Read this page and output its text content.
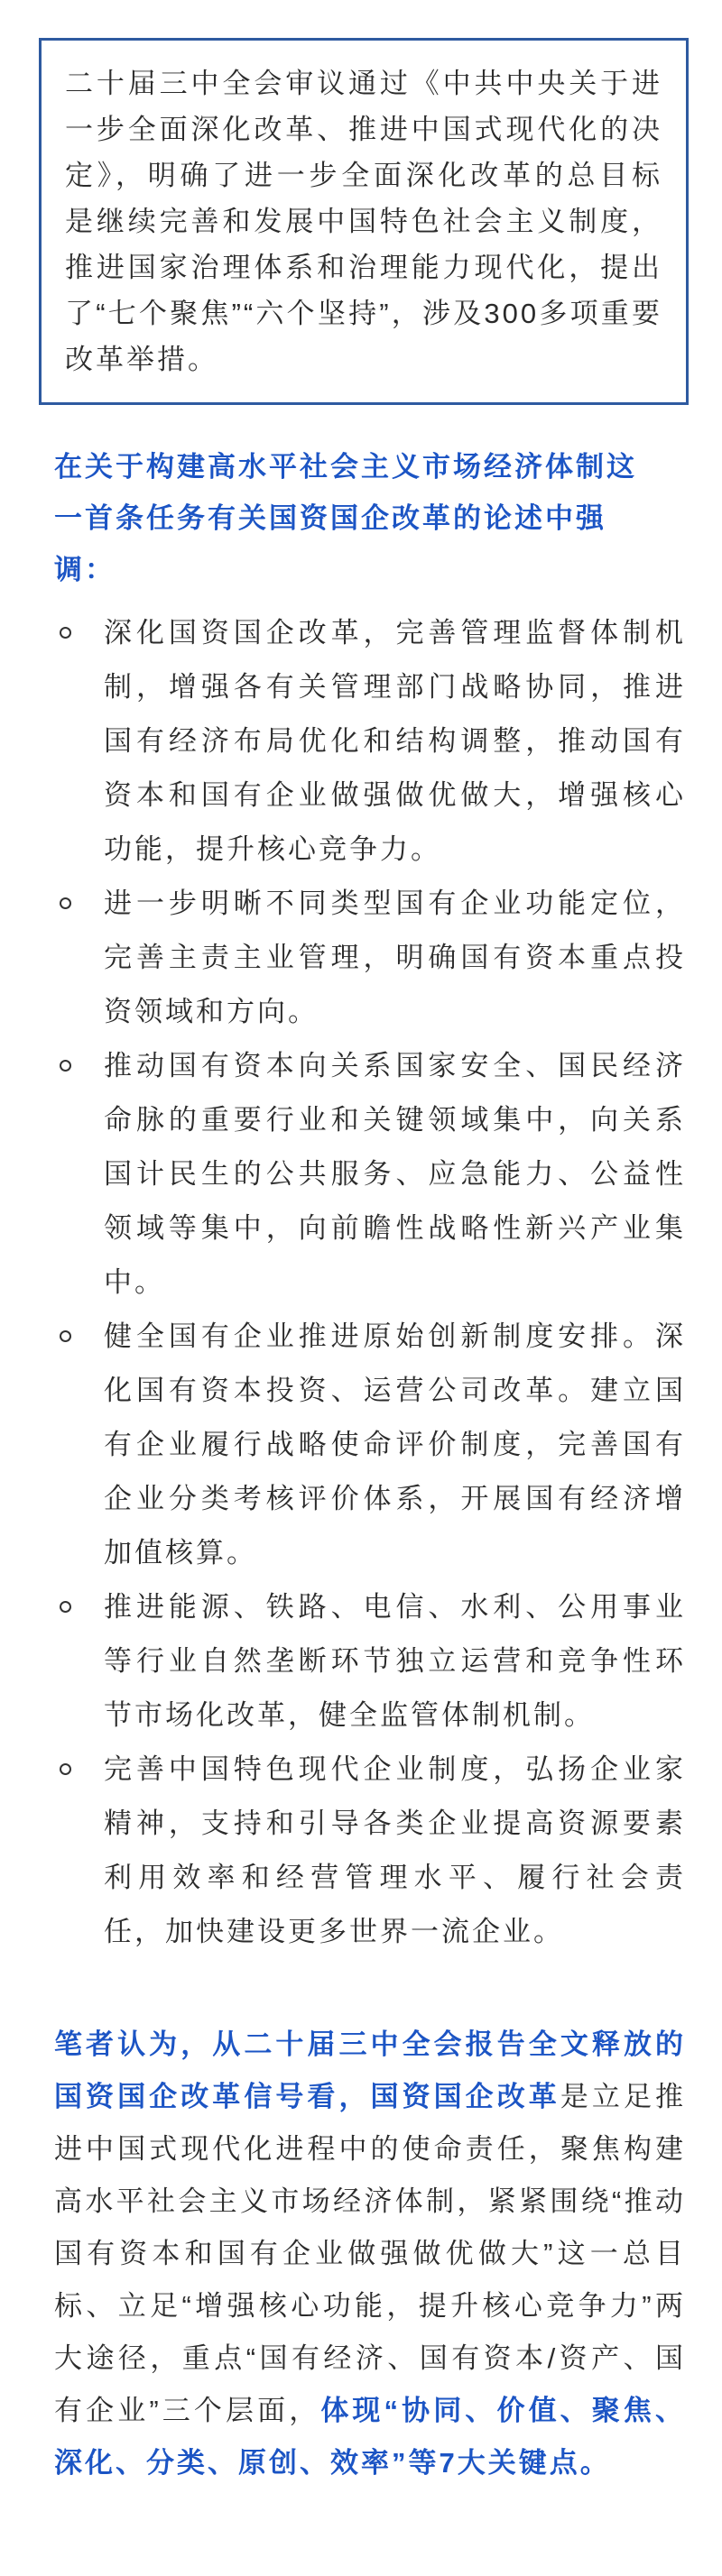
二十届三中全会审议通过《中共中央关于进一步全面深化改革、推进中国式现代化的决定》，明确了进一步全面深化改革的总目标是继续完善和发展中国特色社会主义制度，推进国家治理体系和治理能力现代化，提出了“七个聚焦”“六个坚持”，涉及300多项重要改革举措。

在关于构建高水平社会主义市场经济体制这一首条任务有关国资国企改革的论述中强调：
深化国资国企改革，完善管理监督体制机制，增强各有关管理部门战略协同，推进国有经济布局优化和结构调整，推动国有资本和国有企业做强做优做大，增强核心功能，提升核心竞争力。
进一步明晰不同类型国有企业功能定位，完善主责主业管理，明确国有资本重点投资领域和方向。
推动国有资本向关系国家安全、国民经济命脉的重要行业和关键领域集中，向关系国计民生的公共服务、应急能力、公益性领域等集中，向前瞻性战略性新兴产业集中。
健全国有企业推进原始创新制度安排。深化国有资本投资、运营公司改革。建立国有企业履行战略使命评价制度，完善国有企业分类考核评价体系，开展国有经济增加值核算。
推进能源、铁路、电信、水利、公用事业等行业自然垄断环节独立运营和竞争性环节市场化改革，健全监管体制机制。
完善中国特色现代企业制度，弘扬企业家精神，支持和引导各类企业提高资源要素利用效率和经营管理水平、履行社会责任，加快建设更多世界一流企业。
笔者认为，从二十届三中全会报告全文释放的国资国企改革信号看，国资国企改革是立足推进中国式现代化进程中的使命责任，聚焦构建高水平社会主义市场经济体制，紧紧围绕“推动国有资本和国有企业做强做优做大”这一总目标、立足“增强核心功能，提升核心竞争力”两大途径，重点“国有经济、国有资本/资产、国有企业”三个层面，体现“协同、价值、聚焦、深化、分类、原创、效率”等7大关键点。
